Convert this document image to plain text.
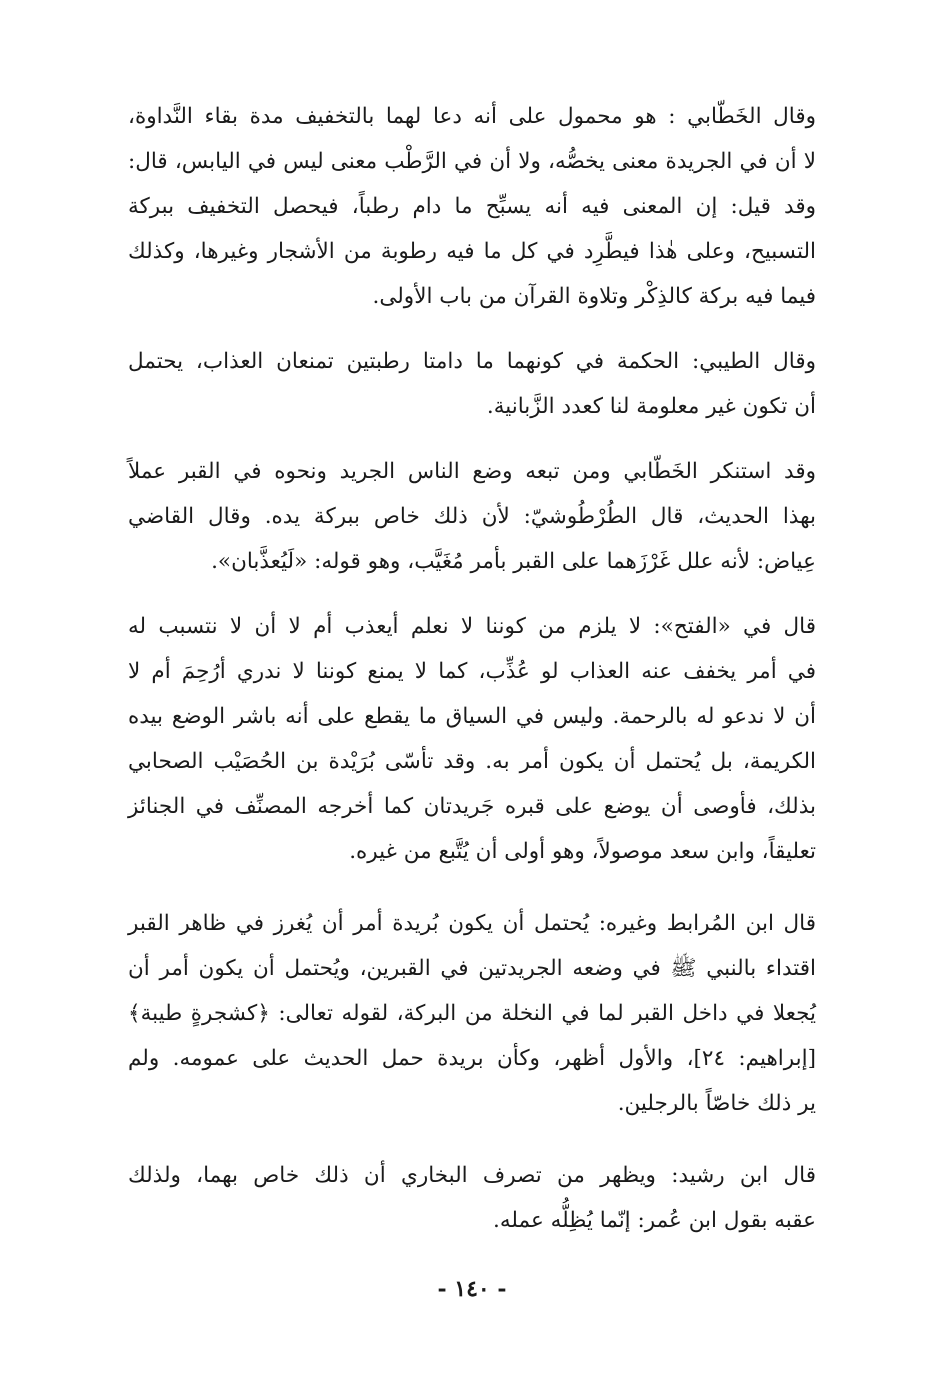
وقال الخَطّابي : هو محمول على أنه دعا لهما بالتخفيف مدة بقاء النَّداوة،
لا أن في الجريدة معنى يخصُّه، ولا أن في الرَّطْب معنى ليس في اليابس، قال:
وقد قيل: إن المعنى فيه أنه يسبِّح ما دام رطباً، فيحصل التخفيف ببركة
التسبيح، وعلى هٰذا فيطَّرِد في كل ما فيه رطوبة من الأشجار وغيرها، وكذلك
فيما فيه بركة كالذِكْر وتلاوة القرآن من باب الأولى.
وقال الطيبي: الحكمة في كونهما ما دامتا رطبتين تمنعان العذاب، يحتمل
أن تكون غير معلومة لنا كعدد الزَّبانية.
وقد استنكر الخَطّابي ومن تبعه وضع الناس الجريد ونحوه في القبر عملاً
بهذا الحديث، قال الطُرْطُوشيّ: لأن ذلك خاص ببركة يده. وقال القاضي
عِياض: لأنه علل غَرْزَهما على القبر بأمر مُغَيَّب، وهو قوله: «لَيُعذَّبان».
قال في «الفتح»: لا يلزم من كوننا لا نعلم أيعذب أم لا أن لا نتسبب له
في أمر يخفف عنه العذاب لو عُذِّب، كما لا يمنع كوننا لا ندري أرُحِمَ أم لا
أن لا ندعو له بالرحمة. وليس في السياق ما يقطع على أنه باشر الوضع بيده
الكريمة، بل يُحتمل أن يكون أمر به. وقد تأسّى بُرَيْدة بن الحُصَيْب الصحابي
بذلك، فأوصى أن يوضع على قبره جَريدتان كما أخرجه المصنِّف في الجنائز
تعليقاً، وابن سعد موصولاً، وهو أولى أن يُتَّبع من غيره.
قال ابن المُرابط وغيره: يُحتمل أن يكون بُريدة أمر أن يُغرز في ظاهر القبر
اقتداء بالنبي ﷺ في وضعه الجريدتين في القبرين، ويُحتمل أن يكون أمر أن
يُجعلا في داخل القبر لما في النخلة من البركة، لقوله تعالى: ﴿كشجرةٍ طيبة﴾
[إبراهيم: ٢٤]، والأول أظهر، وكأن بريدة حمل الحديث على عمومه. ولم
ير ذلك خاصّاً بالرجلين.
قال ابن رشيد: ويظهر من تصرف البخاري أن ذلك خاص بهما، ولذلك
عقبه بقول ابن عُمر: إنّما يُظِلُّه عمله.
- ١٤٠ -
